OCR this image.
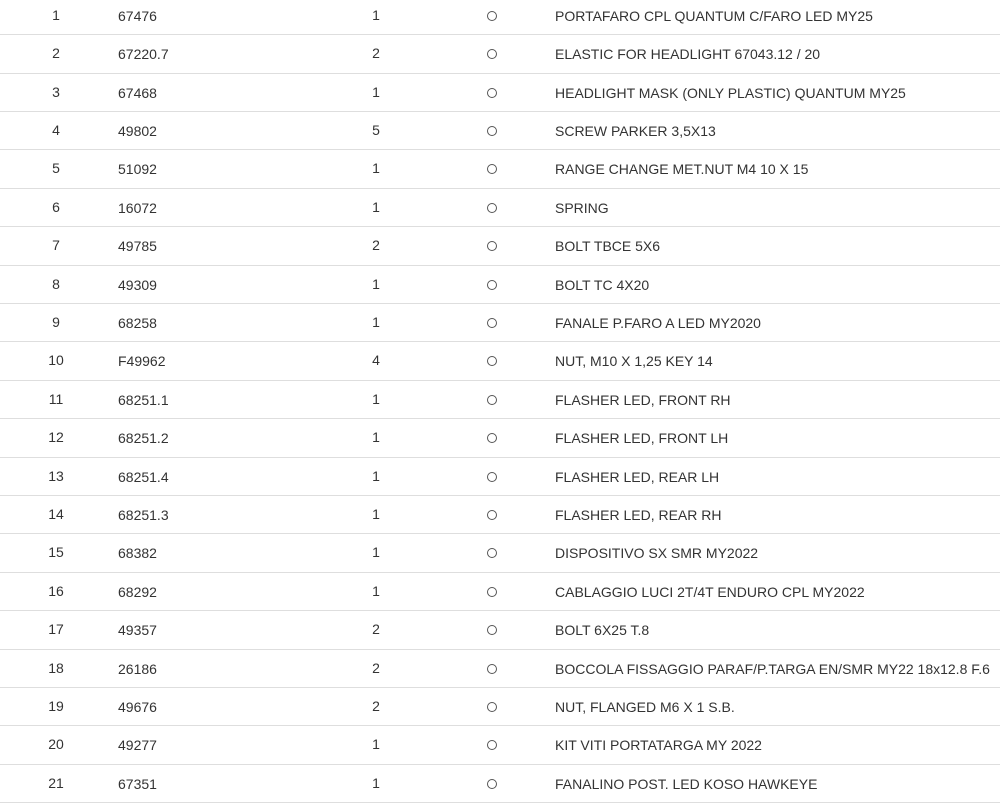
1	67476	1	PORTAFARO CPL QUANTUM C/FARO LED MY25
2	67220.7	2	ELASTIC FOR HEADLIGHT 67043.12 / 20
3	67468	1	HEADLIGHT MASK (ONLY PLASTIC) QUANTUM MY25
4	49802	5	SCREW PARKER 3,5X13
5	51092	1	RANGE CHANGE MET.NUT M4 10 X 15
6	16072	1	SPRING
7	49785	2	BOLT TBCE 5X6
8	49309	1	BOLT TC 4X20
9	68258	1	FANALE P.FARO A LED MY2020
10	F49962	4	NUT, M10 X 1,25 KEY 14
11	68251.1	1	FLASHER LED, FRONT RH
12	68251.2	1	FLASHER LED, FRONT LH
13	68251.4	1	FLASHER LED, REAR LH
14	68251.3	1	FLASHER LED, REAR RH
15	68382	1	DISPOSITIVO SX SMR MY2022
16	68292	1	CABLAGGIO LUCI 2T/4T ENDURO CPL MY2022
17	49357	2	BOLT 6X25 T.8
18	26186	2	BOCCOLA FISSAGGIO PARAF/P.TARGA EN/SMR MY22 18x12.8 F.6
19	49676	2	NUT, FLANGED M6 X 1 S.B.
20	49277	1	KIT VITI PORTATARGA MY 2022
21	67351	1	FANALINO POST. LED KOSO HAWKEYE
